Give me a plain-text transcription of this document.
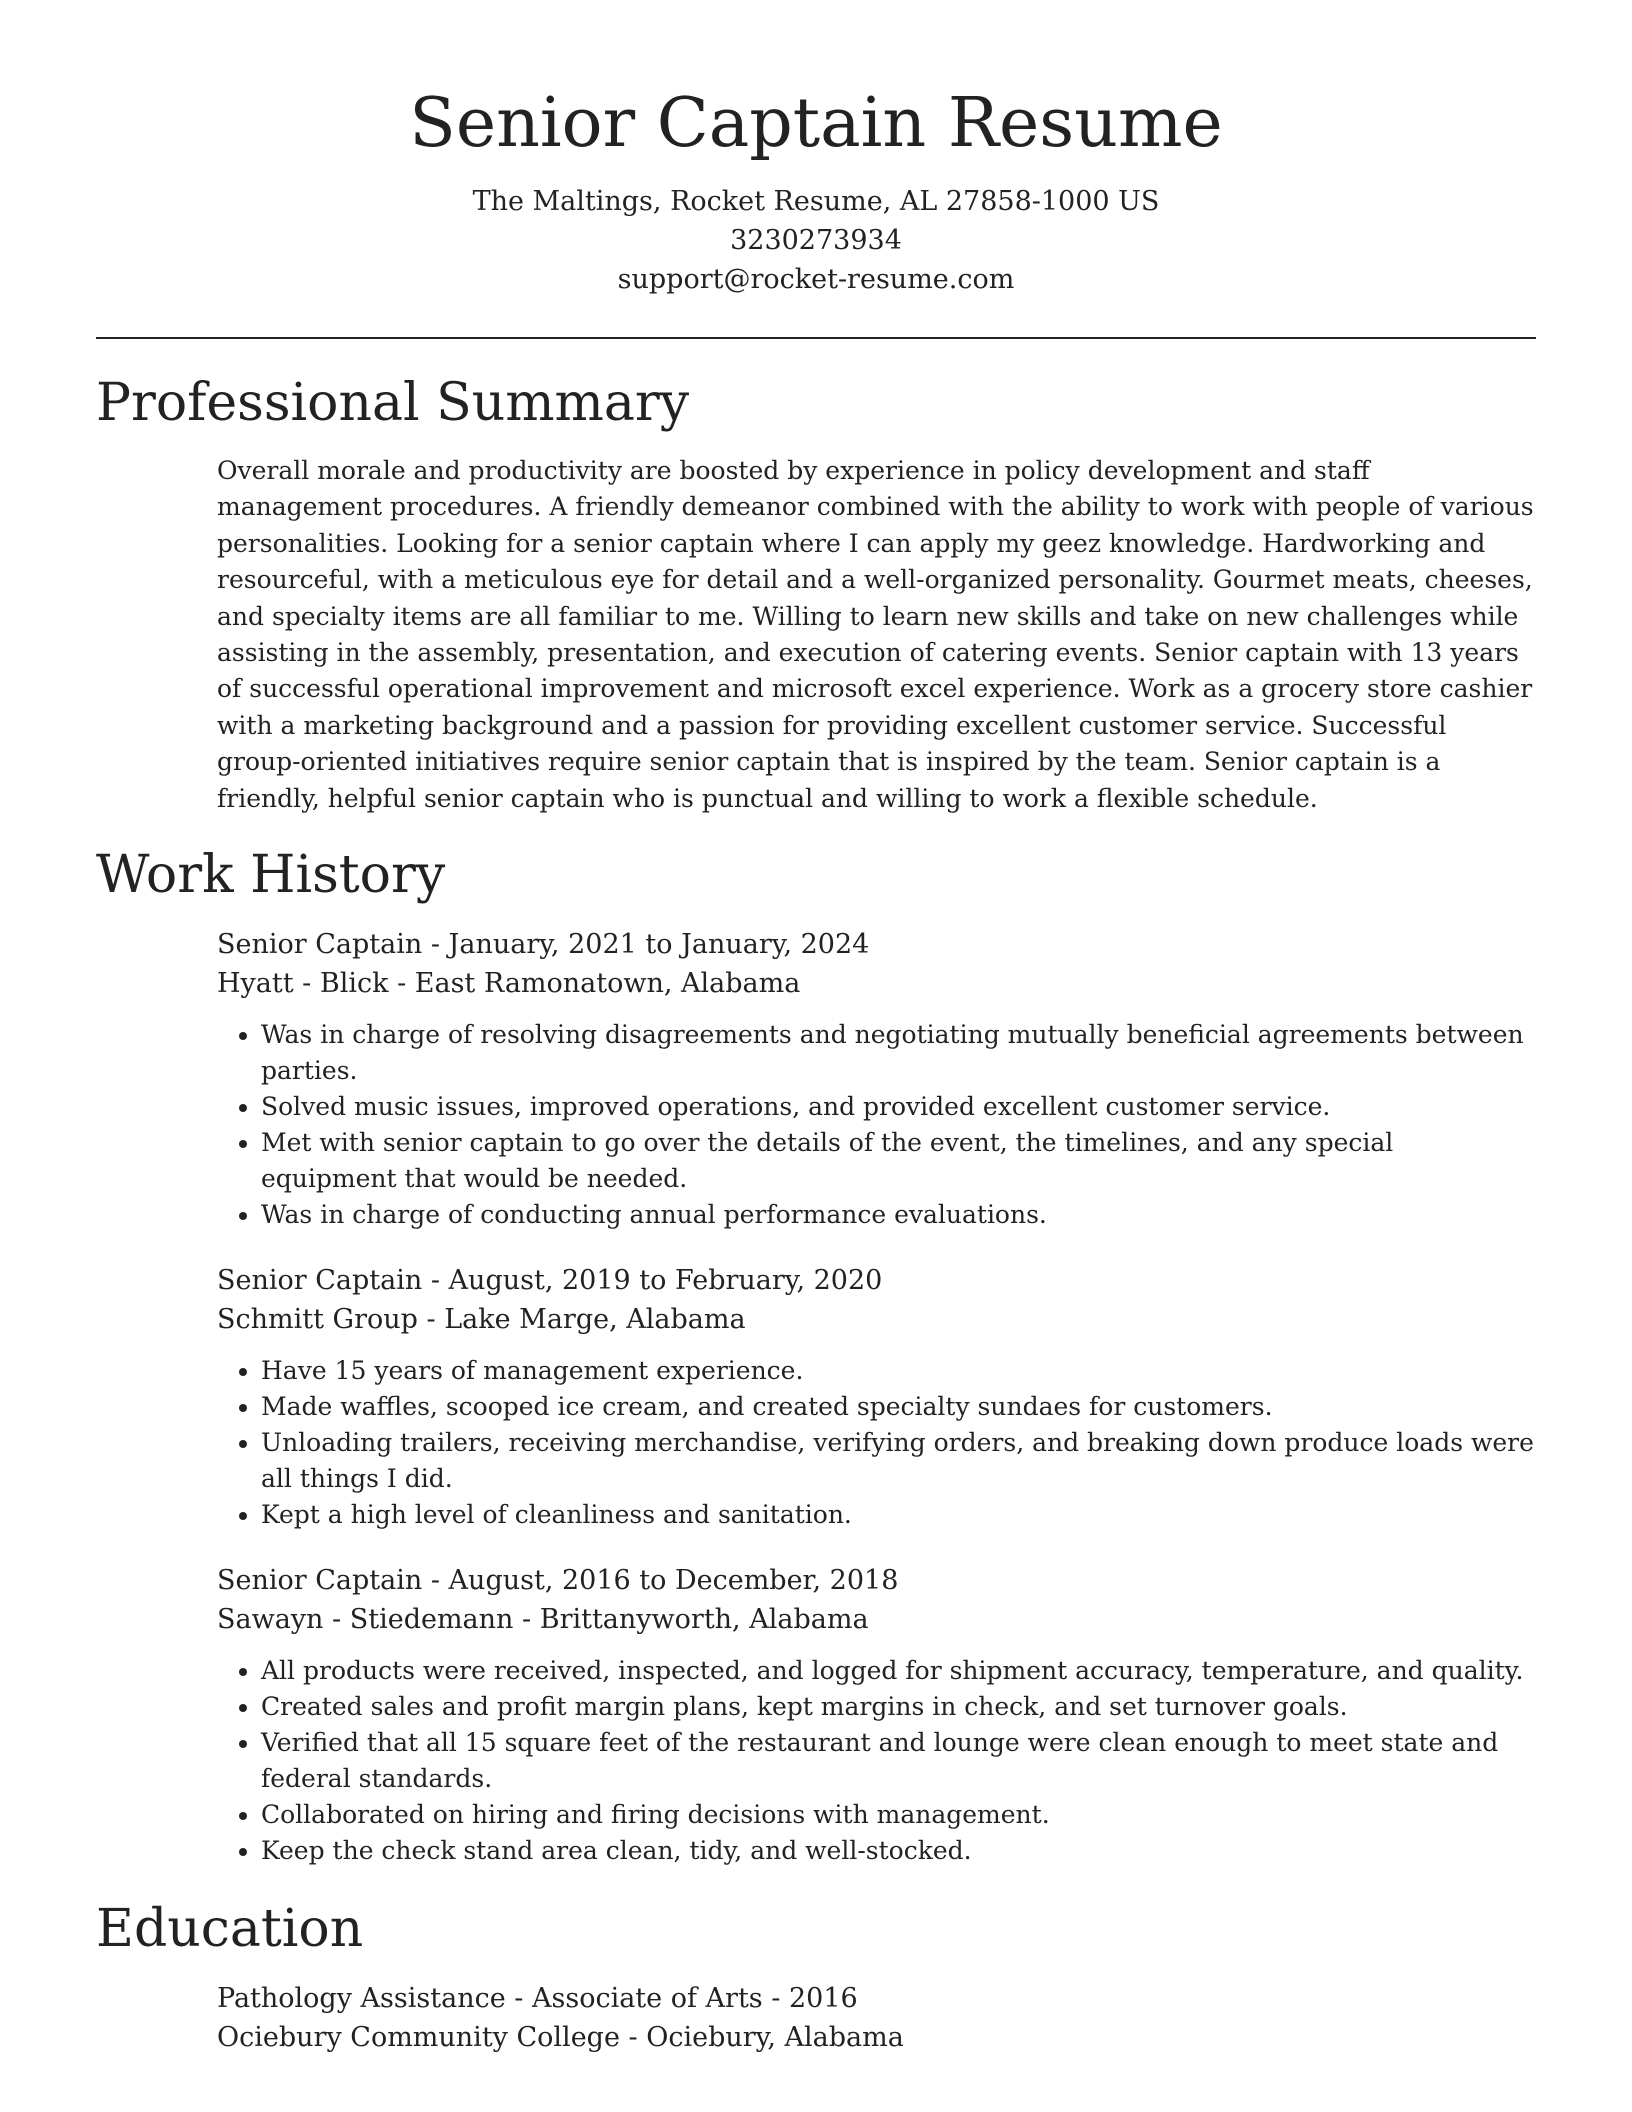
Senior Captain Resume
The Maltings, Rocket Resume, AL 27858-1000 US
3230273934
support@rocket-resume.com
Professional Summary

Overall morale and productivity are boosted by experience in policy development and staff management procedures. A friendly demeanor combined with the ability to work with people of various personalities. Looking for a senior captain where I can apply my geez knowledge. Hardworking and resourceful, with a meticulous eye for detail and a well-organized personality. Gourmet meats, cheeses, and specialty items are all familiar to me. Willing to learn new skills and take on new challenges while assisting in the assembly, presentation, and execution of catering events. Senior captain with 13 years of successful operational improvement and microsoft excel experience. Work as a grocery store cashier with a marketing background and a passion for providing excellent customer service. Successful group-oriented initiatives require senior captain that is inspired by the team. Senior captain is a friendly, helpful senior captain who is punctual and willing to work a flexible schedule.

Work History
Senior Captain - January, 2021 to January, 2024
Hyatt - Blick - East Ramonatown, Alabama
• Was in charge of resolving disagreements and negotiating mutually beneficial agreements between parties.
• Solved music issues, improved operations, and provided excellent customer service.
• Met with senior captain to go over the details of the event, the timelines, and any special equipment that would be needed.
• Was in charge of conducting annual performance evaluations.
Senior Captain - August, 2019 to February, 2020
Schmitt Group - Lake Marge, Alabama
• Have 15 years of management experience.
• Made waffles, scooped ice cream, and created specialty sundaes for customers.
• Unloading trailers, receiving merchandise, verifying orders, and breaking down produce loads were all things I did.
• Kept a high level of cleanliness and sanitation.
Senior Captain - August, 2016 to December, 2018
Sawayn - Stiedemann - Brittanyworth, Alabama
• All products were received, inspected, and logged for shipment accuracy, temperature, and quality.
• Created sales and profit margin plans, kept margins in check, and set turnover goals.
• Verified that all 15 square feet of the restaurant and lounge were clean enough to meet state and federal standards.
• Collaborated on hiring and firing decisions with management.
• Keep the check stand area clean, tidy, and well-stocked.
Education
Pathology Assistance - Associate of Arts - 2016
Ociebury Community College - Ociebury, Alabama
